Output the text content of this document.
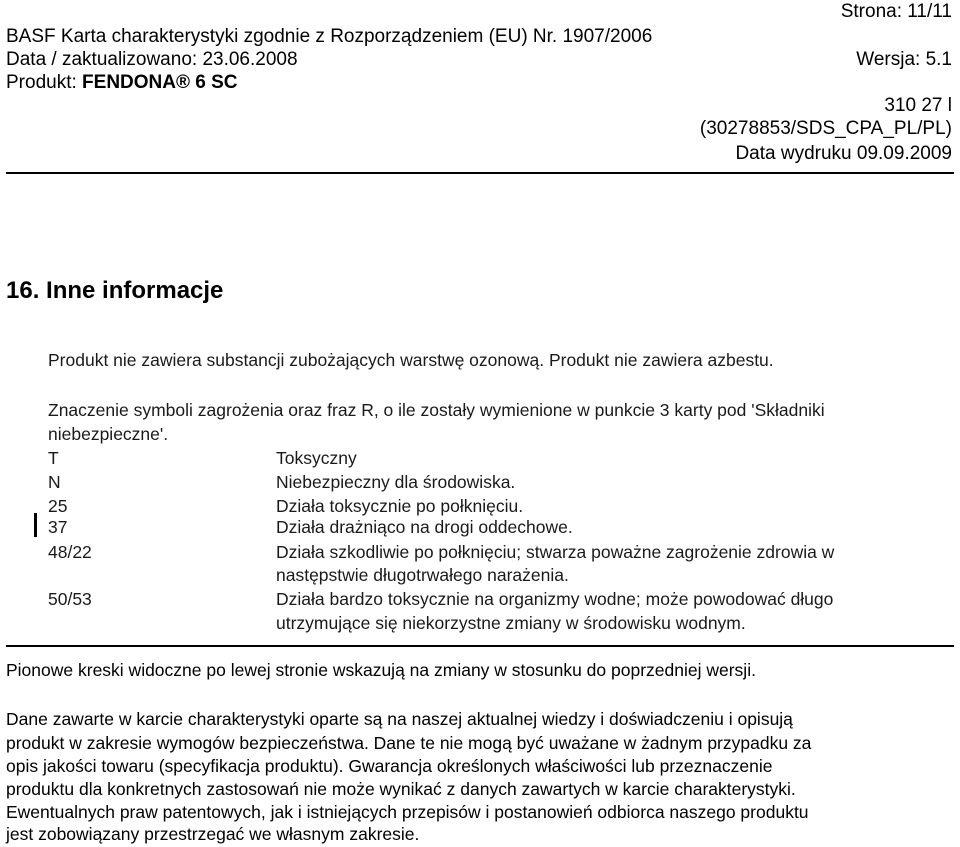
Strona: 11/11
BASF Karta charakterystyki zgodnie z Rozporządzeniem (EU) Nr. 1907/2006
Data / zaktualizowano: 23.06.2008	Wersja: 5.1
Produkt: FENDONA® 6 SC
310 27 l
(30278853/SDS_CPA_PL/PL)
Data wydruku 09.09.2009
16. Inne informacje
Produkt nie zawiera substancji zubożających warstwę ozonową. Produkt nie zawiera azbestu.
Znaczenie symboli zagrożenia oraz fraz R, o ile zostały wymienione w punkcie 3 karty pod 'Składniki
niebezpieczne'.
T	Toksyczny
N	Niebezpieczny dla środowiska.
25	Działa toksycznie po połknięciu.
37	Działa drażniąco na drogi oddechowe.
48/22	Działa szkodliwie po połknięciu; stwarza poważne zagrożenie zdrowia w
następstwie długotrwałego narażenia.
50/53	Działa bardzo toksycznie na organizmy wodne; może powodować długo
utrzymujące się niekorzystne zmiany w środowisku wodnym.
Pionowe kreski widoczne po lewej stronie wskazują na zmiany w stosunku do poprzedniej wersji.
Dane zawarte w karcie charakterystyki oparte są na naszej aktualnej wiedzy i doświadczeniu i opisują
produkt w zakresie wymogów bezpieczeństwa. Dane te nie mogą być uważane w żadnym przypadku za
opis jakości towaru (specyfikacja produktu). Gwarancja określonych właściwości lub przeznaczenie
produktu dla konkretnych zastosowań nie może wynikać z danych zawartych w karcie charakterystyki.
Ewentualnych praw patentowych, jak i istniejących przepisów i postanowień odbiorca naszego produktu
jest zobowiązany przestrzegać we własnym zakresie.
